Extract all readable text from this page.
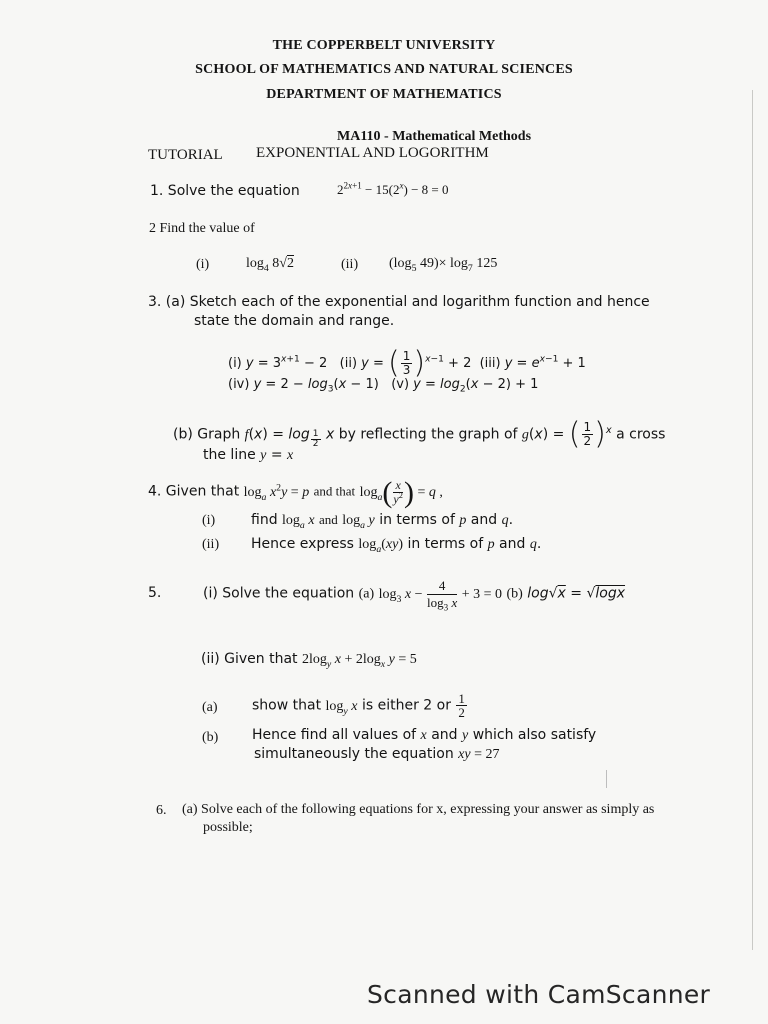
THE COPPERBELT UNIVERSITY
SCHOOL OF MATHEMATICS AND NATURAL SCIENCES
DEPARTMENT OF MATHEMATICS
MA110 - Mathematical Methods
TUTORIAL EXPONENTIAL AND LOGORITHM
1. Solve the equation	$2^{2x+1} - 15(2^x) - 8 = 0$
2 Find the value of
(i)	$\log_4 8√2$	(ii) ($\log_5$ $49)\times \log_7 125$
3. (a) Sketch each of the exponential and logarithm function and hence
state the domain and range.
(i) $y = 3^{x+1} - 2$   (ii) y = ( $\frac{1}{3} )^{x-1} + 2$  (iii) $y = e^{x-1} + 1$
(iv) $y = 2 - \log_3(x - 1)$   (v) $y = \log_2(x - 2) + 1$
(b) Graph f(x) = log $_{\frac{1}{2}}$ x by reflecting the graph of g(x) = ( $\frac{1}{2} )^x$ a cross
the line y = x
4. Given that $\log_a x^2y = p$ and that $\log_a( \frac{x}{y^2}$ ) = q ,
(i)	find $\log_a x$ and $\log_a y$ in terms of p and q.
(ii) Hence express $\log_a(xy)$ in terms of p and q.
5.	(i) Solve the equation (a) $\log_3 x - \frac{4}{\log_3 x} + 3 = 0$ (b) log√x = √logx
(ii) Given that $2\log_y$ $x + 2\log_x$ y = 5
(a) show that $\log_y x$ is either 2 or $\frac{1}{2}$
(b) Hence find all values of x and y which also satisfy
simultaneously the equation xy = 27
6. (a) Solve each of the following equations for x, expressing your answer as simply as
possible;
Scanned with CamScanner
